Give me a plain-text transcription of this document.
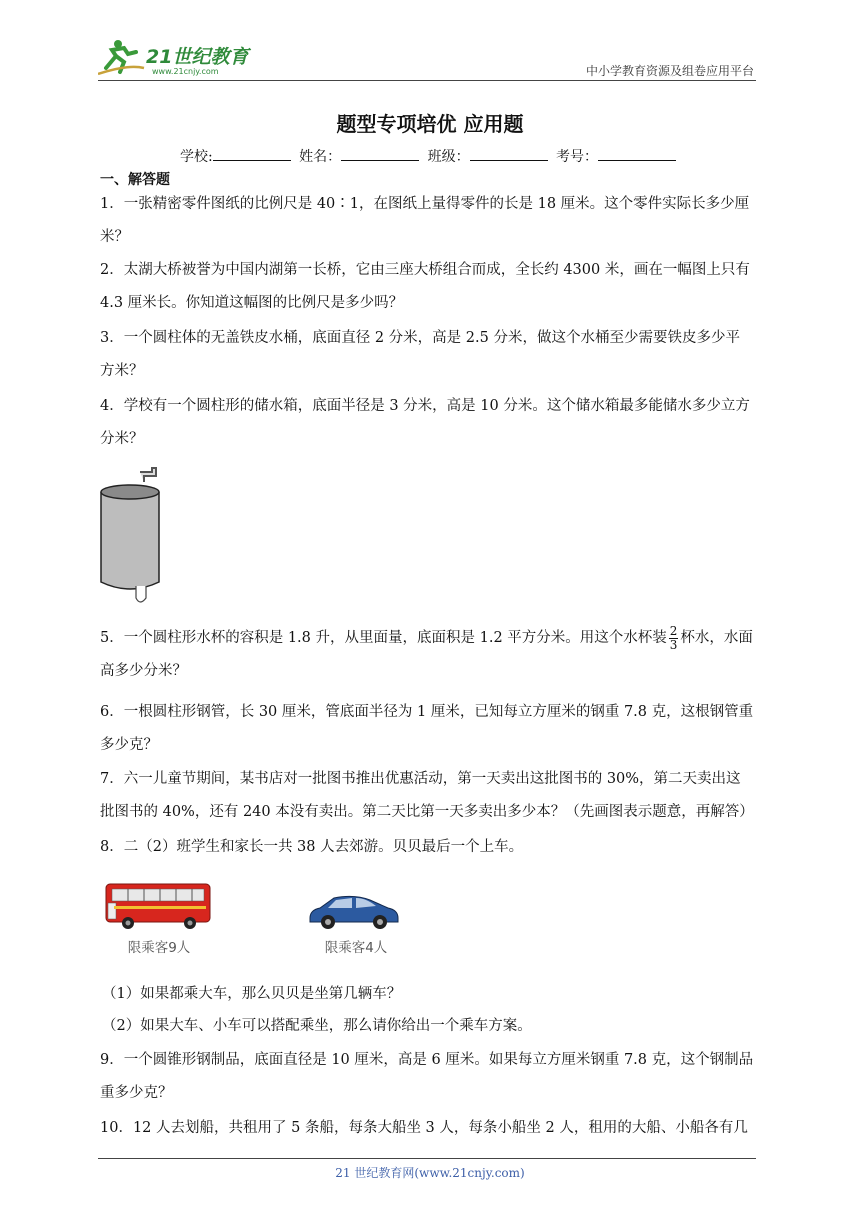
21世纪教育
www.21cnjy.com	中小学教育资源及组卷应用平台
题型专项培优 应用题
学校:	姓名：	班级：	考号：
一、解答题
1．一张精密零件图纸的比例尺是 40∶1，在图纸上量得零件的长是 18 厘米。这个零件实际长多少厘
米？
2．太湖大桥被誉为中国内湖第一长桥，它由三座大桥组合而成，全长约 4300 米，画在一幅图上只有
4.3 厘米长。你知道这幅图的比例尺是多少吗？
3．一个圆柱体的无盖铁皮水桶，底面直径 2 分米，高是 2.5 分米，做这个水桶至少需要铁皮多少平
方米？
4．学校有一个圆柱形的储水箱，底面半径是 3 分米，高是 10 分米。这个储水箱最多能储水多少立方
分米？
5．一个圆柱形水杯的容积是 1.8 升，从里面量，底面积是 1.2 平方分米。用这个水杯装 $\frac{2}{3}$ 杯水，水面
高多少分米？
6．一根圆柱形钢管，长 30 厘米，管底面半径为 1 厘米，已知每立方厘米的钢重 7.8 克，这根钢管重
多少克？
7．六一儿童节期间，某书店对一批图书推出优惠活动，第一天卖出这批图书的 30%，第二天卖出这
批图书的 40%，还有 240 本没有卖出。第二天比第一天多卖出多少本？（先画图表示题意，再解答）
8．二（2）班学生和家长一共 38 人去郊游。贝贝最后一个上车。
限乘客9人	限乘客4人
（1）如果都乘大车，那么贝贝是坐第几辆车？
（2）如果大车、小车可以搭配乘坐，那么请你给出一个乘车方案。
9．一个圆锥形钢制品，底面直径是 10 厘米，高是 6 厘米。如果每立方厘米钢重 7.8 克，这个钢制品
重多少克？
10．12 人去划船，共租用了 5 条船，每条大船坐 3 人，每条小船坐 2 人，租用的大船、小船各有几
21 世纪教育网(www.21cnjy.com)
